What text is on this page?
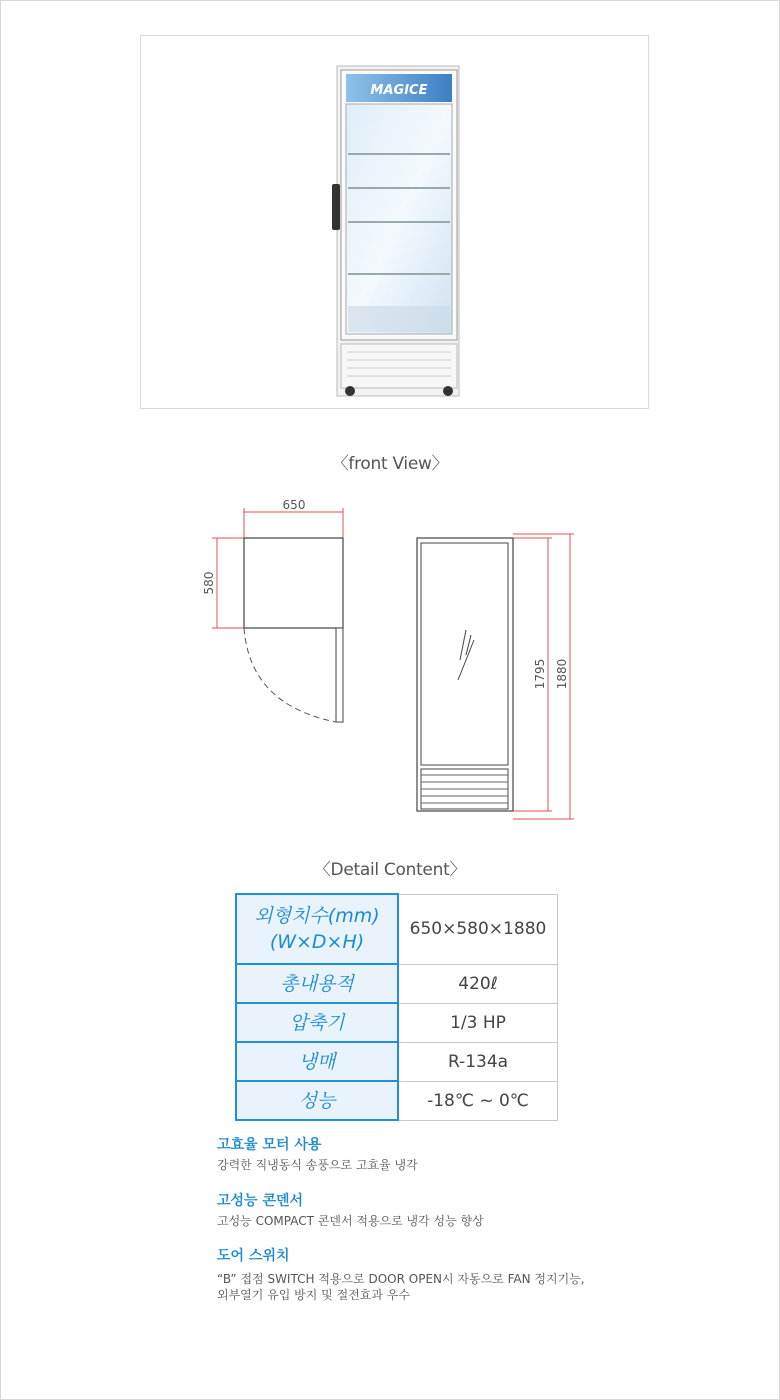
MAGICE
〈front View〉
650
580
1795 1880
〈Detail Content〉
외형치수(mm)
(W×D×H)	650×580×1880
총내용적	420ℓ
압축기	1/3 HP
냉매	R-134a
성능	-18℃ ~ 0℃
고효율 모터 사용
강력한 직냉동식 송풍으로 고효율 냉각
고성능 콘덴서
고성능 COMPACT 콘덴서 적용으로 냉각 성능 향상
도어 스위치
“B” 접점 SWITCH 적용으로 DOOR OPEN시 자동으로 FAN 정지기능,
외부열기 유입 방지 및 절전효과 우수
